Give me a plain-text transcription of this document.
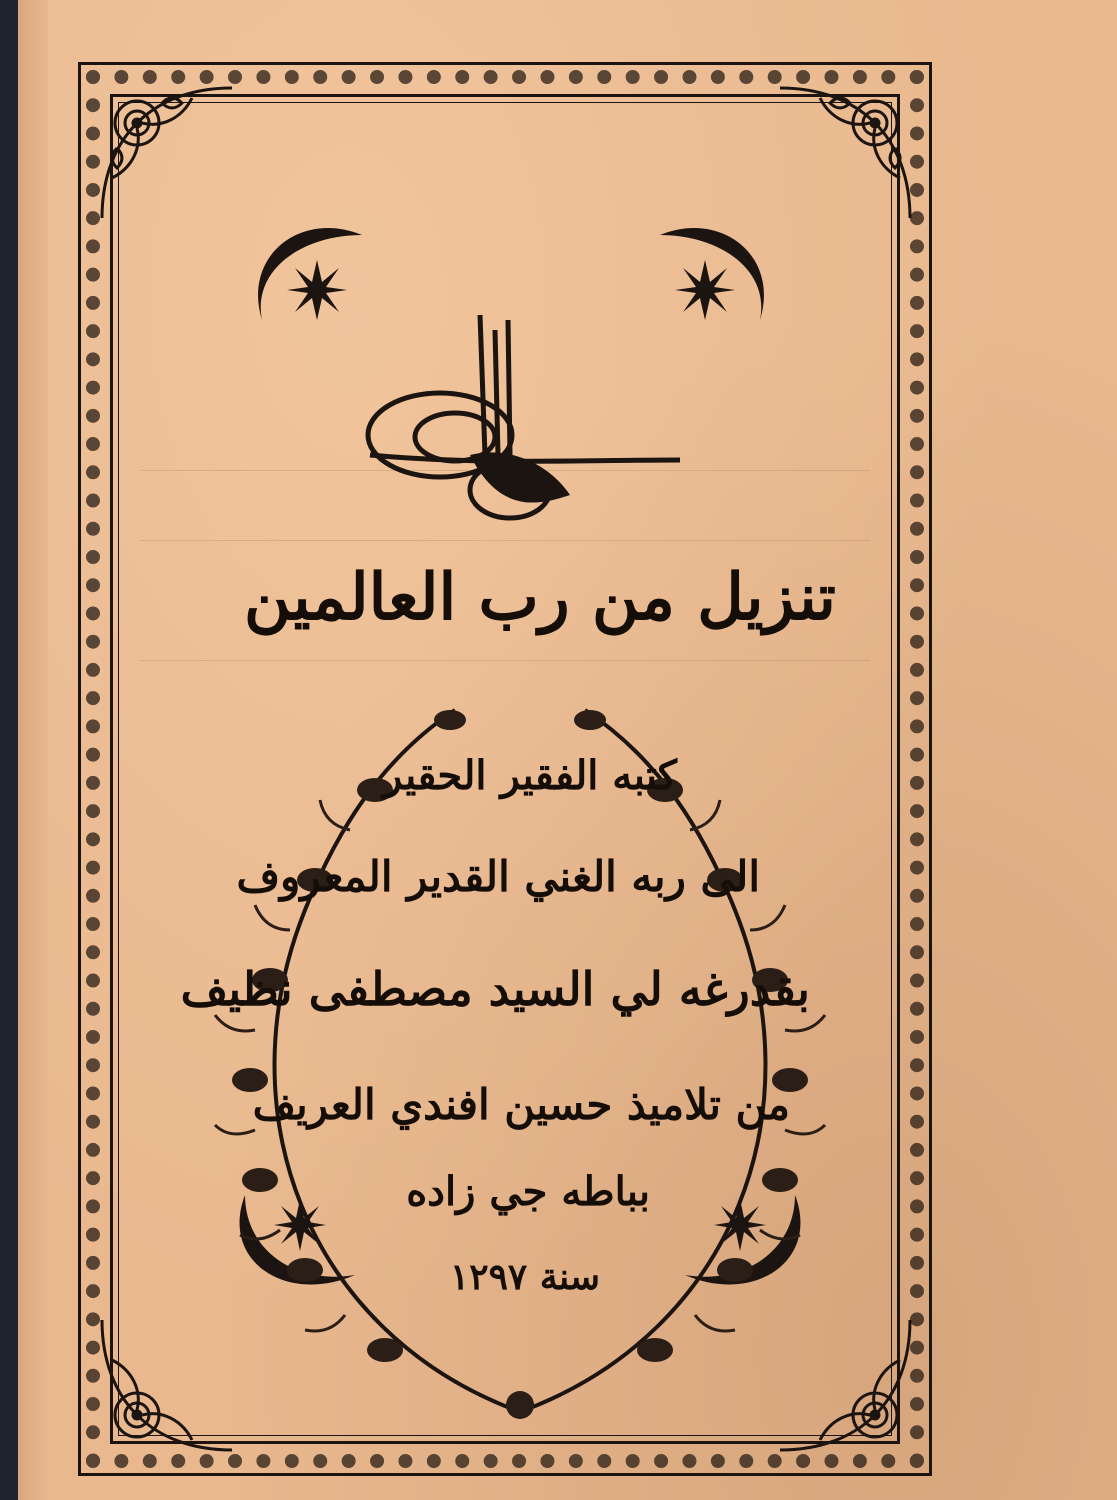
تنزيل من رب العالمين
كتبه الفقير الحقير
الى ربه الغني القدير المعروف
بقدرغه لي السيد مصطفى نظيف
من تلاميذ حسين افندي العريف
بباطه جي زاده
سنة ١٢٩٧
